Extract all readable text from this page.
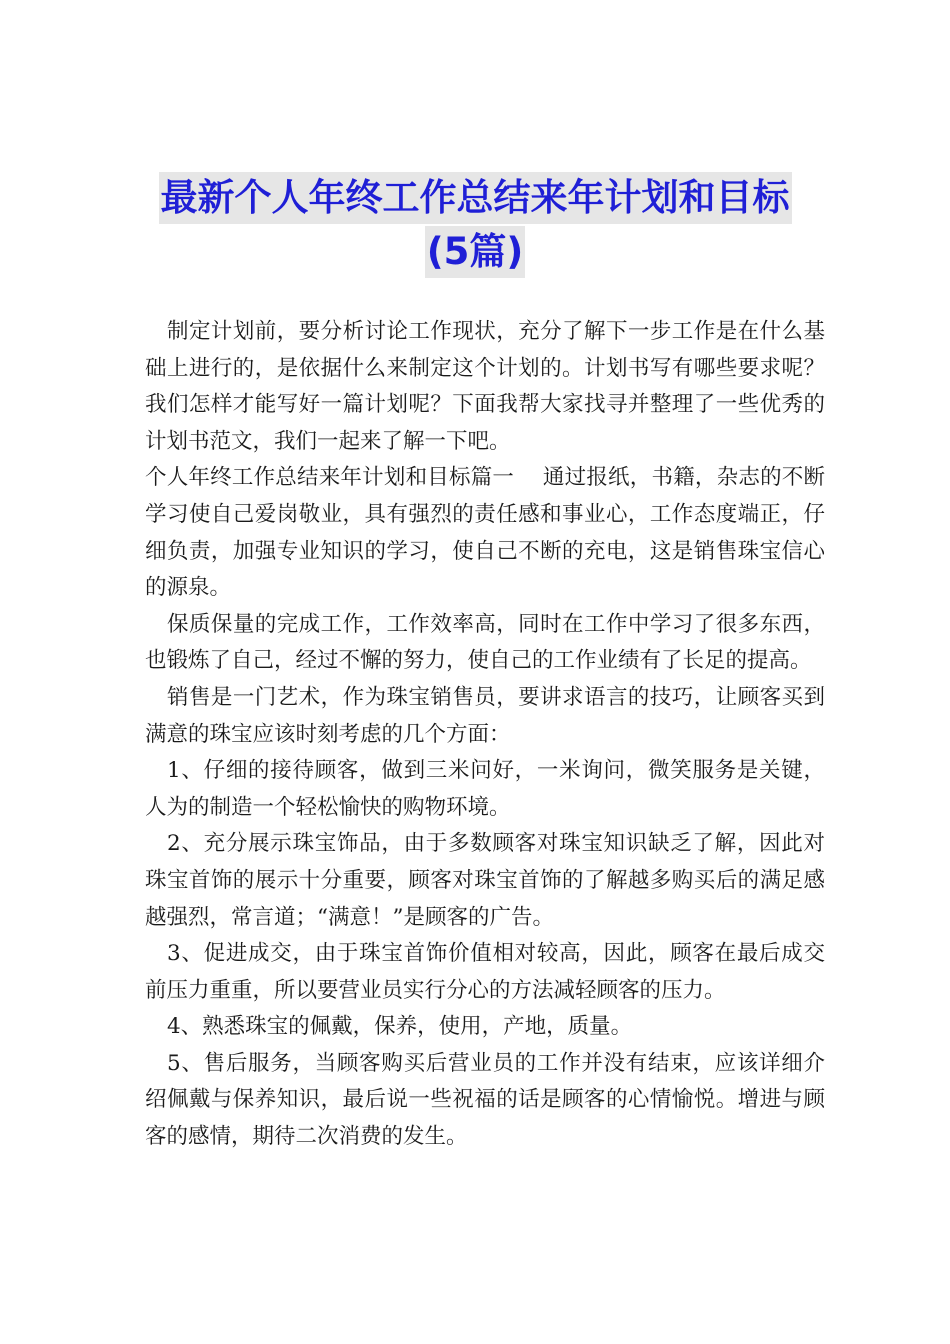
最新个人年终工作总结来年计划和目标
(5篇)

制定计划前，要分析讨论工作现状，充分了解下一步工作是在什么基础上进行的，是依据什么来制定这个计划的。计划书写有哪些要求呢？我们怎样才能写好一篇计划呢？下面我帮大家找寻并整理了一些优秀的计划书范文，我们一起来了解一下吧。

个人年终工作总结来年计划和目标篇一　 通过报纸，书籍，杂志的不断学习使自己爱岗敬业，具有强烈的责任感和事业心，工作态度端正，仔细负责，加强专业知识的学习，使自己不断的充电，这是销售珠宝信心的源泉。

保质保量的完成工作，工作效率高，同时在工作中学习了很多东西，也锻炼了自己，经过不懈的努力，使自己的工作业绩有了长足的提高。

销售是一门艺术，作为珠宝销售员，要讲求语言的技巧，让顾客买到满意的珠宝应该时刻考虑的几个方面：

1、仔细的接待顾客，做到三米问好，一米询问，微笑服务是关键，人为的制造一个轻松愉快的购物环境。

2、充分展示珠宝饰品，由于多数顾客对珠宝知识缺乏了解，因此对珠宝首饰的展示十分重要，顾客对珠宝首饰的了解越多购买后的满足感越强烈，常言道；“满意！”是顾客的广告。

3、促进成交，由于珠宝首饰价值相对较高，因此，顾客在最后成交前压力重重，所以要营业员实行分心的方法减轻顾客的压力。

4、熟悉珠宝的佩戴，保养，使用，产地，质量。

5、售后服务，当顾客购买后营业员的工作并没有结束，应该详细介绍佩戴与保养知识，最后说一些祝福的话是顾客的心情愉悦。增进与顾客的感情，期待二次消费的发生。
